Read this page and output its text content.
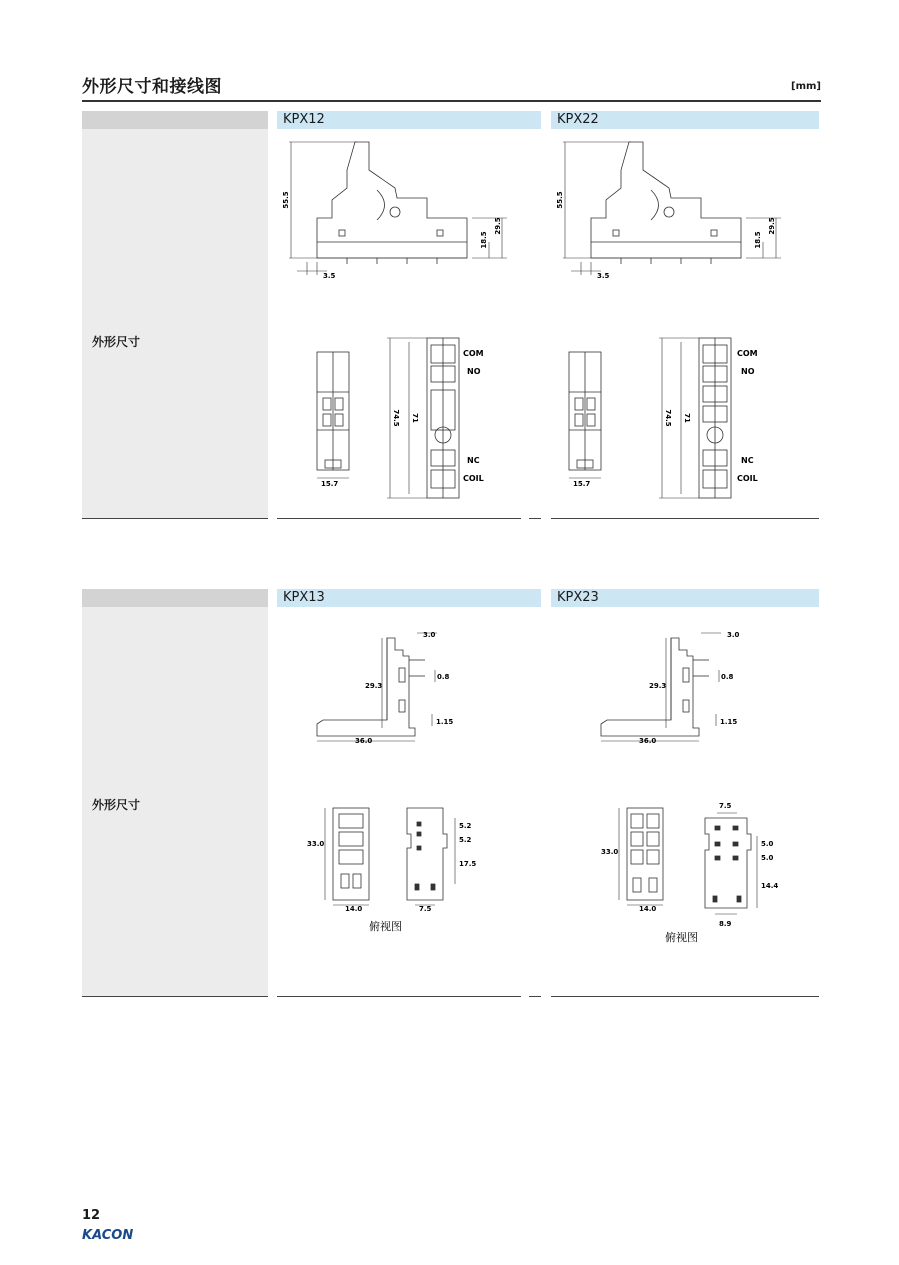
外形尺寸和接线图	[mm]
外形尺寸
KPX12	KPX22
55.5
29.5
18.5
3.5
15.7
74.5 71
COM
NO
NC
COIL
55.5
29.5
18.5
3.5
15.7
74.5 71
COM
NO
NC
COIL
外形尺寸
KPX13	KPX23
3.0
29.3
0.8
1.15
36.0
33.0
14.0
5.2
5.2
17.5
7.5
俯视图
3.0
29.3
0.8
1.15
36.0
33.0
14.0
7.5
5.0
5.0
14.4
8.9
俯视图
12
KACON
